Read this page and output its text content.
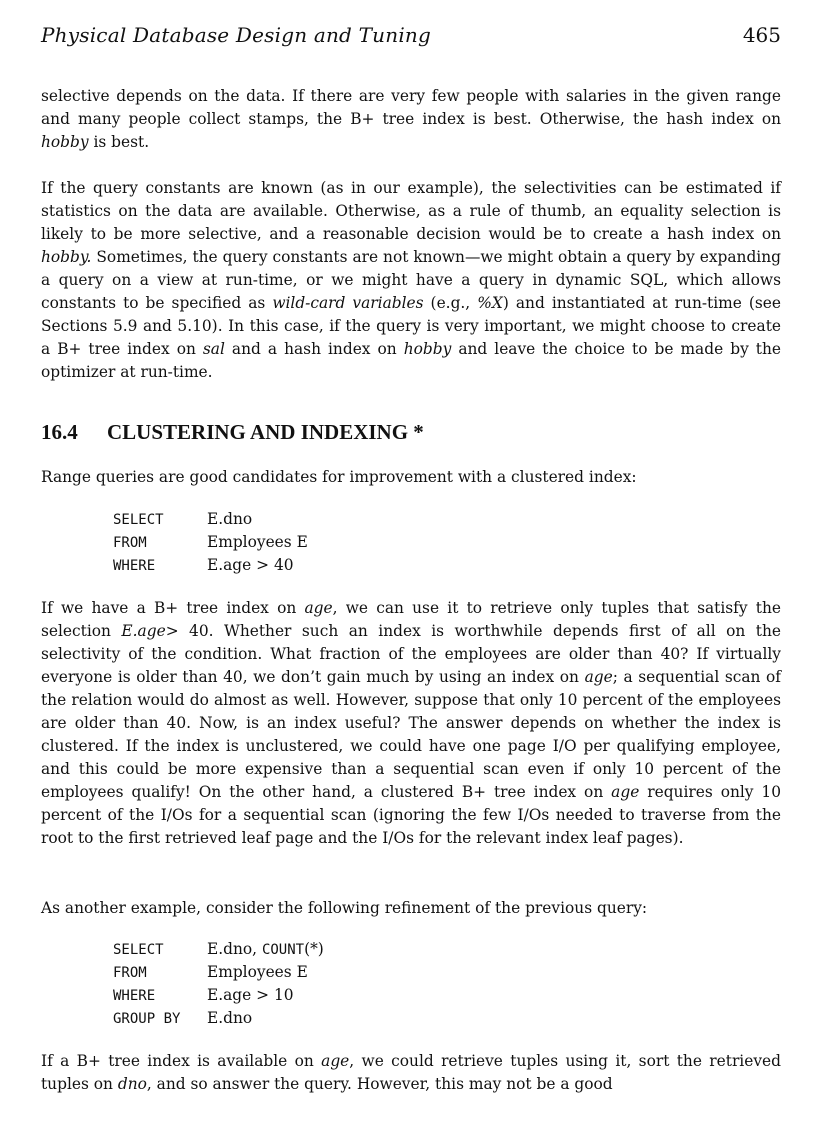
Physical Database Design and Tuning	465

selective depends on the data. If there are very few people with salaries in the given range and many people collect stamps, the B+ tree index is best. Otherwise, the hash index on hobby is best.

If the query constants are known (as in our example), the selectivities can be estimated if statistics on the data are available. Otherwise, as a rule of thumb, an equality selection is likely to be more selective, and a reasonable decision would be to create a hash index on hobby. Sometimes, the query constants are not known—we might obtain a query by expanding a query on a view at run-time, or we might have a query in dynamic SQL, which allows constants to be specified as wild-card variables (e.g., %X) and instantiated at run-time (see Sections 5.9 and 5.10). In this case, if the query is very important, we might choose to create a B+ tree index on sal and a hash index on hobby and leave the choice to be made by the optimizer at run-time.

16.4 CLUSTERING AND INDEXING *

Range queries are good candidates for improvement with a clustered index:

SELECT	E.dno
FROM	Employees E
WHERE	E.age > 40

If we have a B+ tree index on age, we can use it to retrieve only tuples that satisfy the selection E.age> 40. Whether such an index is worthwhile depends first of all on the selectivity of the condition. What fraction of the employees are older than 40? If virtually everyone is older than 40, we don’t gain much by using an index on age; a sequential scan of the relation would do almost as well. However, suppose that only 10 percent of the employees are older than 40. Now, is an index useful? The answer depends on whether the index is clustered. If the index is unclustered, we could have one page I/O per qualifying employee, and this could be more expensive than a sequential scan even if only 10 percent of the employees qualify! On the other hand, a clustered B+ tree index on age requires only 10 percent of the I/Os for a sequential scan (ignoring the few I/Os needed to traverse from the root to the first retrieved leaf page and the I/Os for the relevant index leaf pages).

As another example, consider the following refinement of the previous query:

SELECT	E.dno, COUNT(*)
FROM	Employees E
WHERE	E.age > 10
GROUP BY E.dno

If a B+ tree index is available on age, we could retrieve tuples using it, sort the retrieved tuples on dno, and so answer the query. However, this may not be a good
